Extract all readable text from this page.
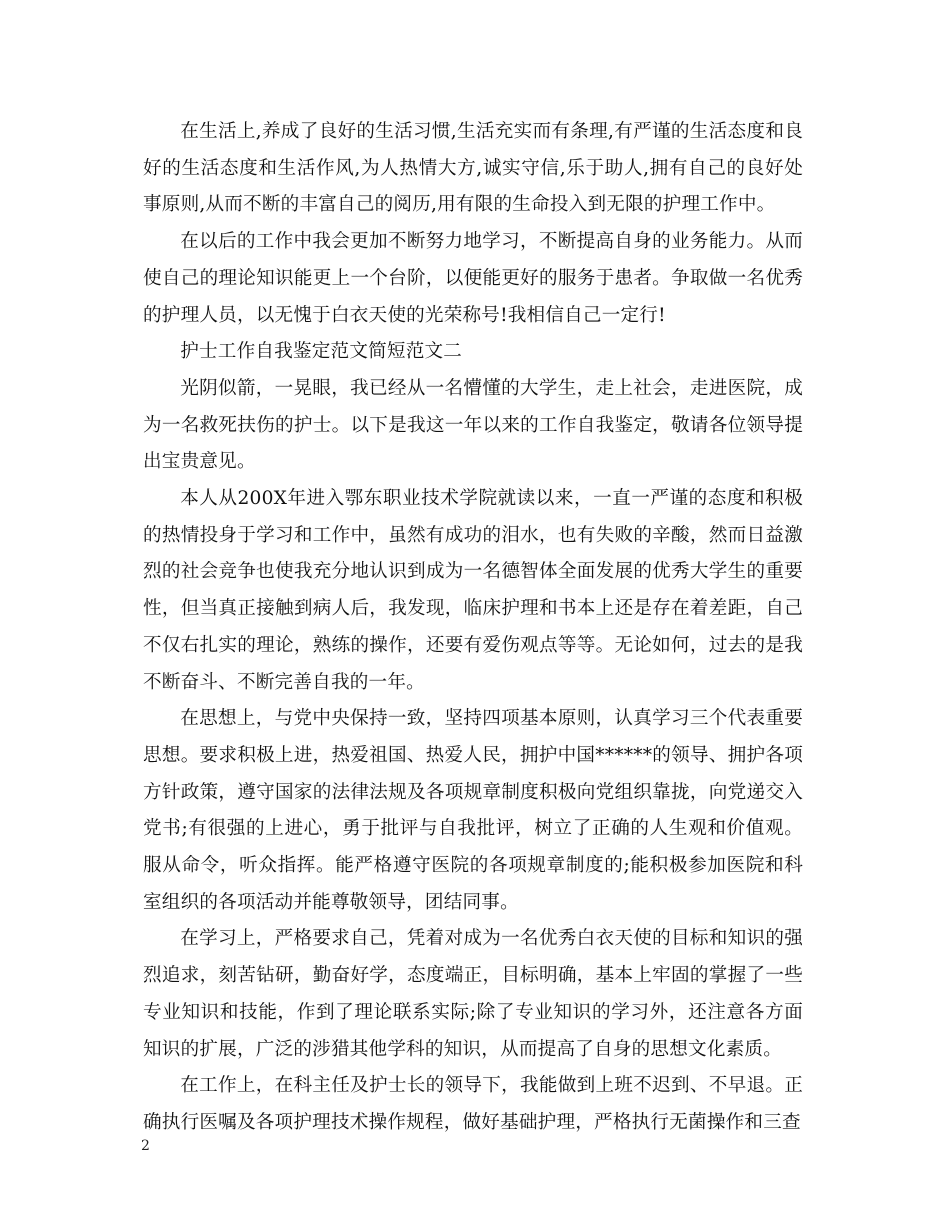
在生活上,养成了良好的生活习惯,生活充实而有条理,有严谨的生活态度和良好的生活态度和生活作风,为人热情大方,诚实守信,乐于助人,拥有自己的良好处事原则,从而不断的丰富自己的阅历,用有限的生命投入到无限的护理工作中。

在以后的工作中我会更加不断努力地学习，不断提高自身的业务能力。从而使自己的理论知识能更上一个台阶，以便能更好的服务于患者。争取做一名优秀的护理人员，以无愧于白衣天使的光荣称号!我相信自己一定行!

护士工作自我鉴定范文简短范文二

光阴似箭，一晃眼，我已经从一名懵懂的大学生，走上社会，走进医院，成为一名救死扶伤的护士。以下是我这一年以来的工作自我鉴定，敬请各位领导提出宝贵意见。

本人从200X年进入鄂东职业技术学院就读以来，一直一严谨的态度和积极的热情投身于学习和工作中，虽然有成功的泪水，也有失败的辛酸，然而日益激烈的社会竞争也使我充分地认识到成为一名德智体全面发展的优秀大学生的重要性，但当真正接触到病人后，我发现，临床护理和书本上还是存在着差距，自己不仅右扎实的理论，熟练的操作，还要有爱伤观点等等。无论如何，过去的是我不断奋斗、不断完善自我的一年。

在思想上，与党中央保持一致，坚持四项基本原则，认真学习三个代表重要思想。要求积极上进，热爱祖国、热爱人民，拥护中国******的领导、拥护各项方针政策，遵守国家的法律法规及各项规章制度积极向党组织靠拢，向党递交入党书;有很强的上进心，勇于批评与自我批评，树立了正确的人生观和价值观。服从命令，听众指挥。能严格遵守医院的各项规章制度的;能积极参加医院和科室组织的各项活动并能尊敬领导，团结同事。

在学习上，严格要求自己，凭着对成为一名优秀白衣天使的目标和知识的强烈追求，刻苦钻研，勤奋好学，态度端正，目标明确，基本上牢固的掌握了一些专业知识和技能，作到了理论联系实际;除了专业知识的学习外，还注意各方面知识的扩展，广泛的涉猎其他学科的知识，从而提高了自身的思想文化素质。

在工作上，在科主任及护士长的领导下，我能做到上班不迟到、不早退。正确执行医嘱及各项护理技术操作规程，做好基础护理，严格执行无菌操作和三查

2
